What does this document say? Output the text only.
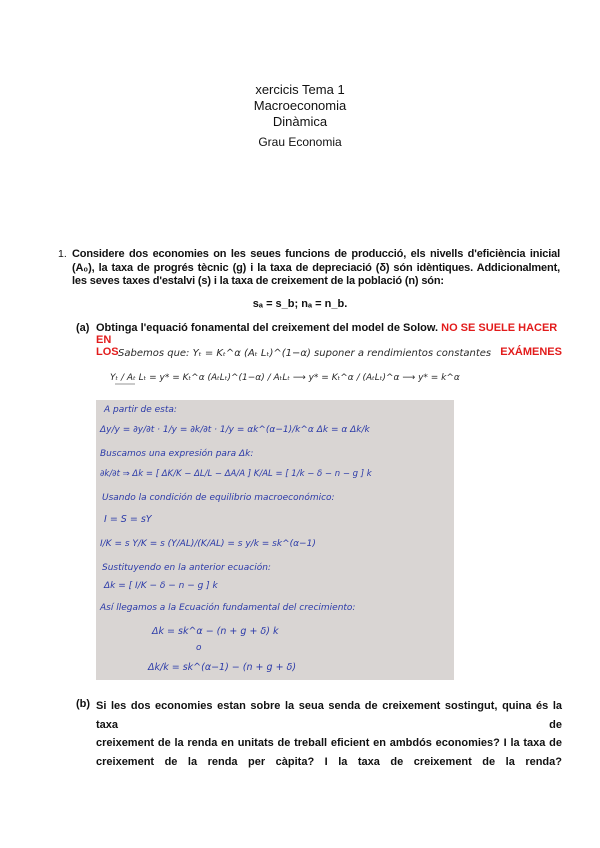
xercicis Tema 1
Macroeconomia
Dinàmica
Grau Economia
1. Considere dos economies on les seues funcions de producció, els nivells d'eficiència inicial (A₀), la taxa de progrés tècnic (g) i la taxa de depreciació (δ) són idèntiques. Addicionalment, les seves taxes d'estalvi (s) i la taxa de creixement de la població (n) són:
sₐ = s_b; nₐ = n_b.
(a) Obtinga l'equació fonamental del creixement del model de Solow. NO SE SUELE HACER EN
LOS	EXÁMENES
Sabemos que: Yₜ = Kₜ^α (Aₜ Lₜ)^(1−α) suponer a rendimientos constantes
Yₜ / Aₜ Lₜ = y* = Kₜ^α (AₜLₜ)^(1−α) / AₜLₜ ⟶ y* = Kₜ^α / (AₜLₜ)^α ⟶ y* = k^α
A partir de esta:
Δy/y = ∂y/∂t · 1/y = ∂k/∂t · 1/y = αk^(α−1)/k^α Δk = α Δk/k
Buscamos una expresión para Δk:
∂k/∂t ⇒ Δk = [ ΔK/K − ΔL/L − ΔA/A ] K/AL = [ 1/k − δ − n − g ] k
Usando la condición de equilibrio macroeconómico:
I = S = sY
I/K = s Y/K = s (Y/AL)/(K/AL) = s y/k = sk^(α−1)
Sustituyendo en la anterior ecuación:
Δk = [ I/K − δ − n − g ] k
Así llegamos a la Ecuación fundamental del crecimiento:
Δk = sk^α − (n + g + δ) k
o
Δk/k = sk^(α−1) − (n + g + δ)
(b) Si les dos economies estan sobre la seua senda de creixement sostingut, quina és la taxa de
creixement de la renda en unitats de treball eficient en ambdós economies? I la taxa de
creixement de la renda per càpita? I la taxa de creixement de la renda?
